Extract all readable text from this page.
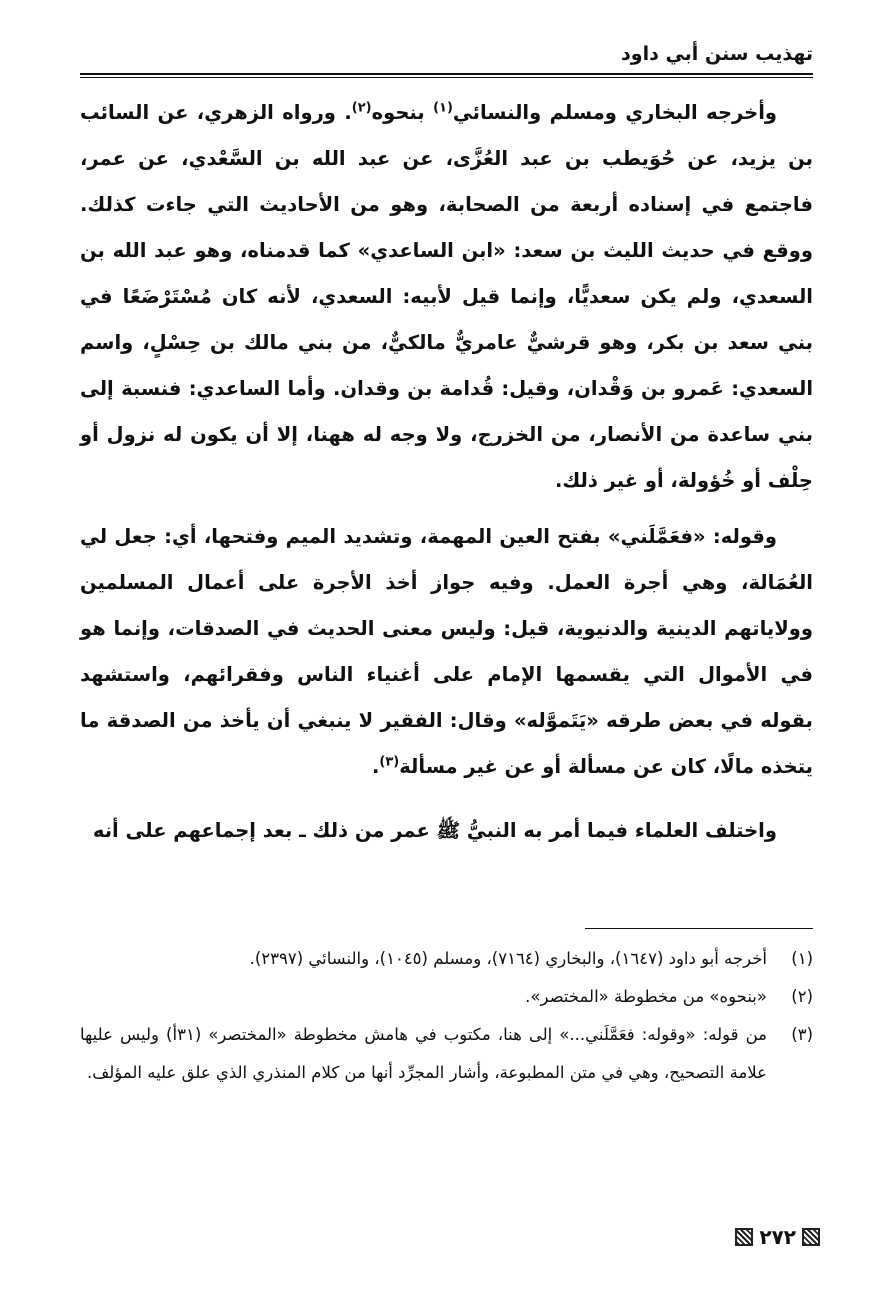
تهذيب سنن أبي داود

وأخرجه البخاري ومسلم والنسائي$^{(١)}$ بنحوه$^{(٢)}$. ورواه الزهري، عن السائب بن يزيد، عن حُوَيطب بن عبد العُزَّى، عن عبد الله بن السَّعْدي، عن عمر، فاجتمع في إسناده أربعة من الصحابة، وهو من الأحاديث التي جاءت كذلك. ووقع في حديث الليث بن سعد: «ابن الساعدي» كما قدمناه، وهو عبد الله بن السعدي، ولم يكن سعديًّا، وإنما قيل لأبيه: السعدي، لأنه كان مُسْتَرْضَعًا في بني سعد بن بكر، وهو قرشيٌّ عامريٌّ مالكيٌّ، من بني مالك بن حِسْلٍ، واسم السعدي: عَمرو بن وَقْدان، وقيل: قُدامة بن وقدان. وأما الساعدي: فنسبة إلى بني ساعدة من الأنصار، من الخزرج، ولا وجه له ههنا، إلا أن يكون له نزول أو حِلْف أو خُؤولة، أو غير ذلك.

وقوله: «فعَمَّلَني» بفتح العين المهمة، وتشديد الميم وفتحها، أي: جعل لي العُمَالة، وهي أجرة العمل. وفيه جواز أخذ الأجرة على أعمال المسلمين وولاياتهم الدينية والدنيوية، قيل: وليس معنى الحديث في الصدقات، وإنما هو في الأموال التي يقسمها الإمام على أغنياء الناس وفقرائهم، واستشهد بقوله في بعض طرقه «يَتَموَّله» وقال: الفقير لا ينبغي أن يأخذ من الصدقة ما يتخذه مالًا، كان عن مسألة أو عن غير مسألة$^{(٣)}$.

واختلف العلماء فيما أمر به النبيُّ ﷺ عمر من ذلك ـ بعد إجماعهم على أنه

(١)
أخرجه أبو داود (١٦٤٧)، والبخاري (٧١٦٤)، ومسلم (١٠٤٥)، والنسائي (٢٣٩٧).
(٢)
«بنحوه» من مخطوطة «المختصر».
(٣)
من قوله: «وقوله: فعَمَّلَني...» إلى هنا، مكتوب في هامش مخطوطة «المختصر» (٣١أ) وليس عليها علامة التصحيح، وهي في متن المطبوعة، وأشار المجرِّد أنها من كلام المنذري الذي علق عليه المؤلف.
٢٧٢
